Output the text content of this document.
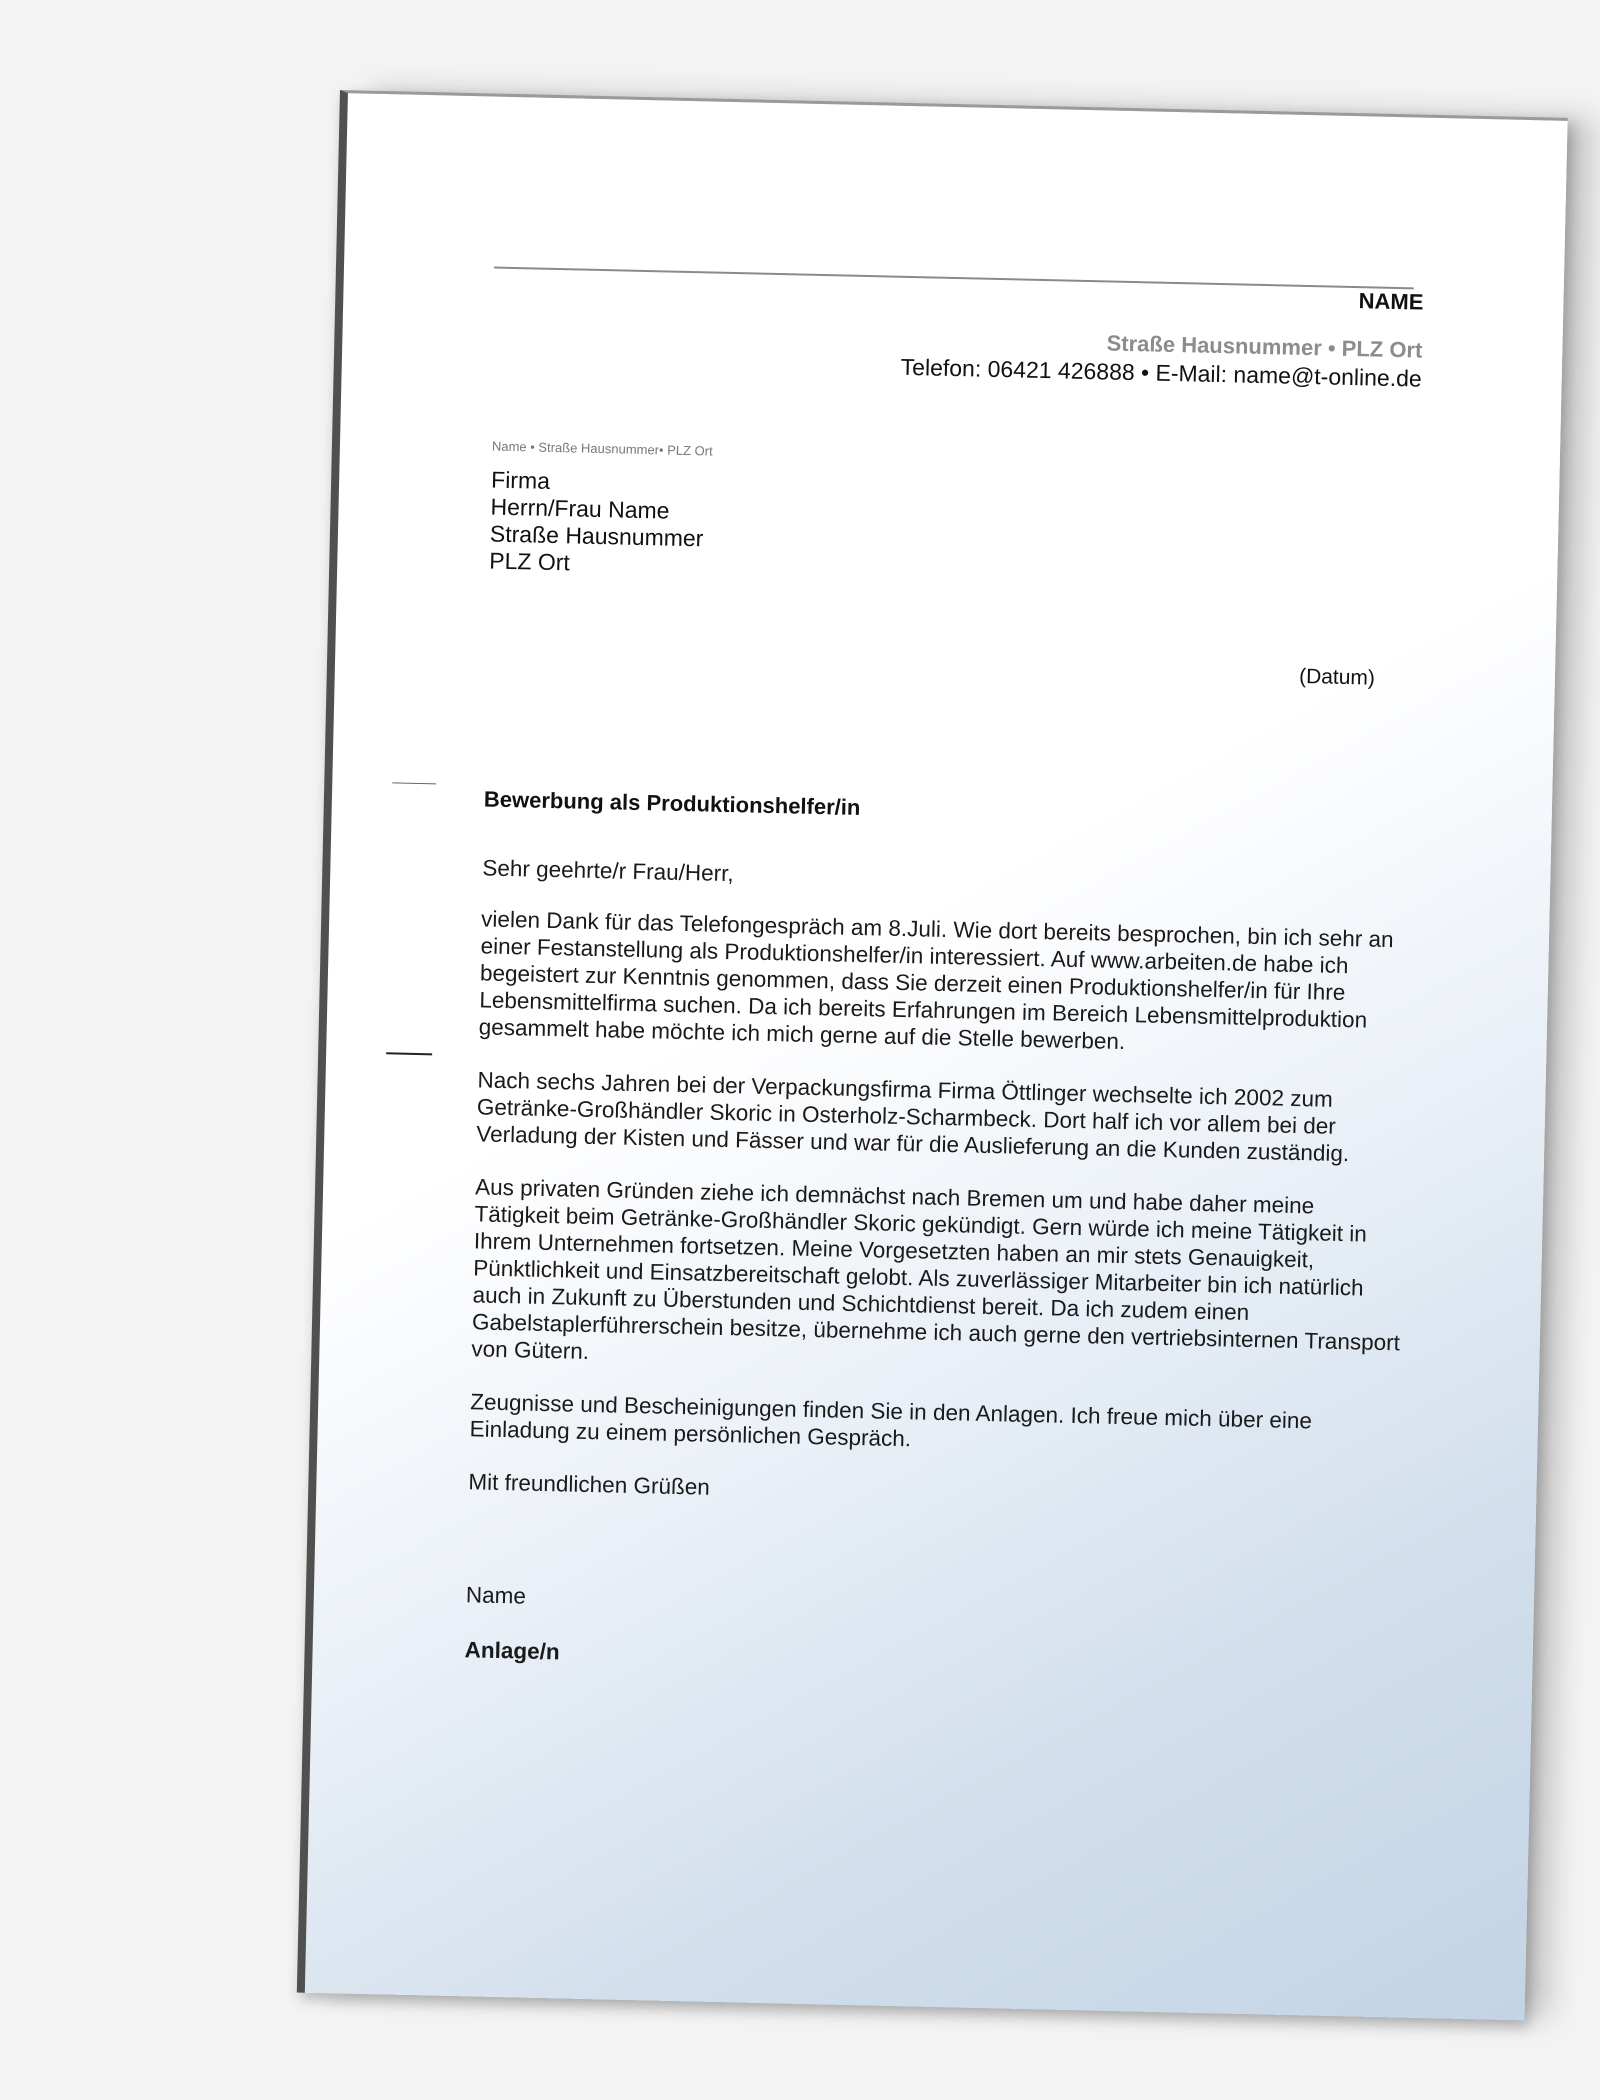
NAME
Straße Hausnummer • PLZ Ort
Telefon: 06421 426888 • E-Mail: name@t-online.de
Name • Straße Hausnummer• PLZ Ort
Firma
Herrn/Frau Name
Straße Hausnummer
PLZ Ort
(Datum)
Bewerbung als Produktionshelfer/in

Sehr geehrte/r Frau/Herr,

vielen Dank für das Telefongespräch am 8.Juli. Wie dort bereits besprochen, bin ich sehr an einer Festanstellung als Produktionshelfer/in interessiert. Auf www.arbeiten.de habe ich begeistert zur Kenntnis genommen, dass Sie derzeit einen Produktionshelfer/in für Ihre Lebensmittelfirma suchen. Da ich bereits Erfahrungen im Bereich Lebensmittelproduktion gesammelt habe möchte ich mich gerne auf die Stelle bewerben.

Nach sechs Jahren bei der Verpackungsfirma Firma Öttlinger wechselte ich 2002 zum Getränke-Großhändler Skoric in Osterholz-Scharmbeck. Dort half ich vor allem bei der Verladung der Kisten und Fässer und war für die Auslieferung an die Kunden zuständig.

Aus privaten Gründen ziehe ich demnächst nach Bremen um und habe daher meine Tätigkeit beim Getränke-Großhändler Skoric gekündigt. Gern würde ich meine Tätigkeit in Ihrem Unternehmen fortsetzen. Meine Vorgesetzten haben an mir stets Genauigkeit, Pünktlichkeit und Einsatzbereitschaft gelobt. Als zuverlässiger Mitarbeiter bin ich natürlich auch in Zukunft zu Überstunden und Schichtdienst bereit. Da ich zudem einen Gabelstaplerführerschein besitze, übernehme ich auch gerne den vertriebsinternen Transport von Gütern.

Zeugnisse und Bescheinigungen finden Sie in den Anlagen. Ich freue mich über eine Einladung zu einem persönlichen Gespräch.

Mit freundlichen Grüßen

Name

Anlage/n
